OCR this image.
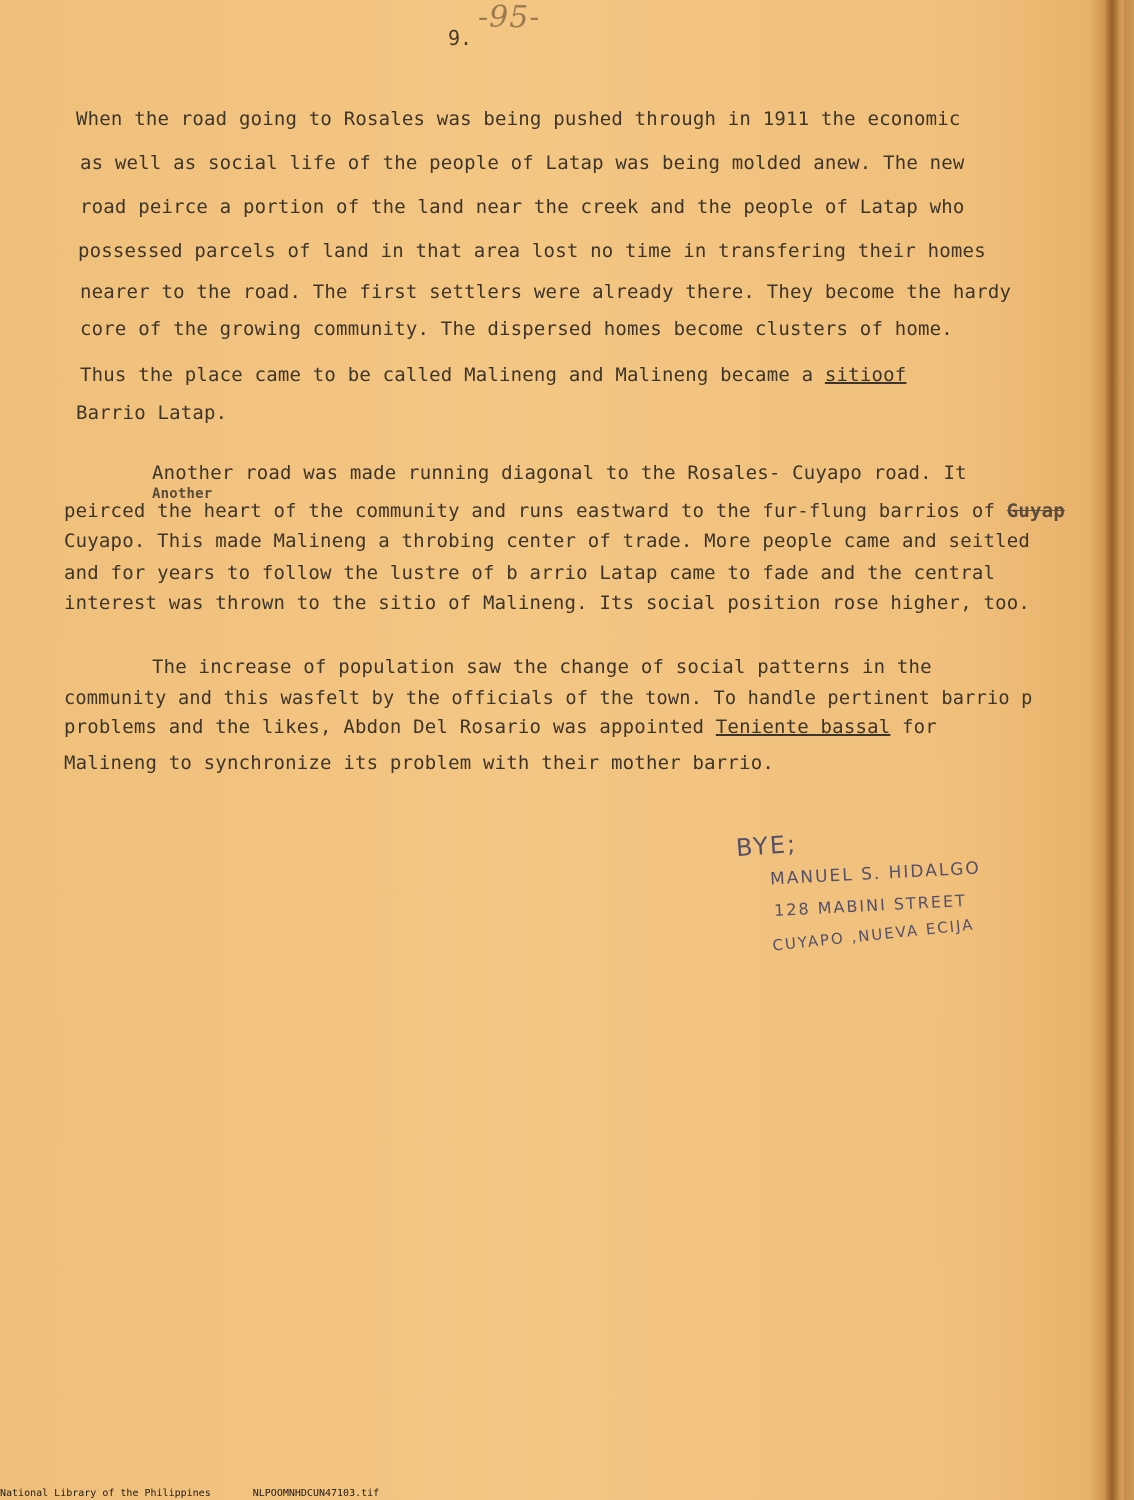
-95-
9.
When the road going to Rosales was being pushed through in 1911 the economic
as well as social life of the people of Latap was being molded anew. The new
road peirce a portion of the land near the creek and the people of Latap who
possessed parcels of land in that area lost no time in transfering their homes
nearer to the road. The first settlers were already there. They become the hardy
core of the growing community. The dispersed homes become clusters of home.
Thus the place came to be called Malineng and Malineng became a sitioof
Barrio Latap.
Another road was made running diagonal to the Rosales- Cuyapo road. It
Another
peirced the heart of the community and runs eastward to the fur-flung barrios of Guyap
Cuyapo. This made Malineng a throbing center of trade. More people came and seitled
and for years to follow the lustre of b arrio Latap came to fade and the central
interest was thrown to the sitio of Malineng. Its social position rose higher, too.
The increase of population saw the change of social patterns in the
community and this wasfelt by the officials of the town. To handle pertinent barrio p
problems and the likes, Abdon Del Rosario was appointed Teniente bassal for
Malineng to synchronize its problem with their mother barrio.
BYE;
MANUEL S. HIDALGO
128 MABINI STREET
CUYAPO ,NUEVA ECIJA
National Library of the Philippines	NLPOOMNHDCUN47103.tif
